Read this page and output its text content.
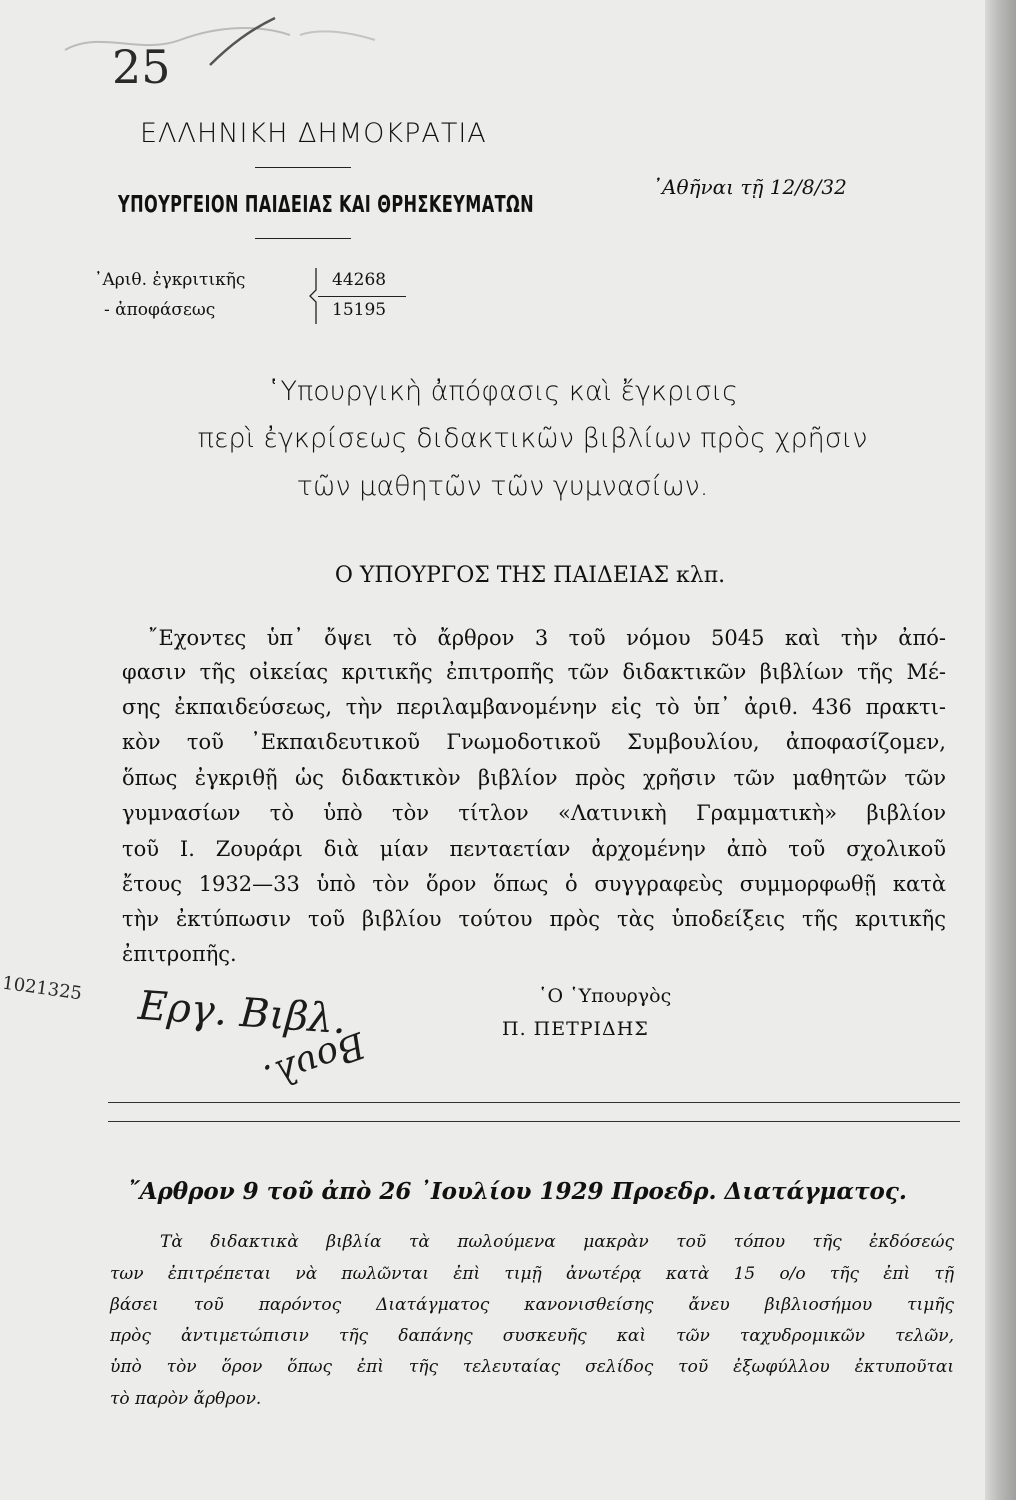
25
ΕΛΛΗΝΙΚΗ ΔΗΜΟΚΡΑΤΙΑ
ΥΠΟΥΡΓΕΙΟΝ ΠΑΙΔΕΙΑΣ ΚΑΙ ΘΡΗΣΚΕΥΜΑΤΩΝ
᾿Αθῆναι τῇ 12/8/32
᾿Αριθ. ἐγκριτικῆς
- ἀποφάσεως
44268
15195
῾Υπουργικὴ ἀπόφασις καὶ ἔγκρισις
περὶ ἐγκρίσεως διδακτικῶν βιβλίων πρὸς χρῆσιν
τῶν μαθητῶν τῶν γυμνασίων.
Ο ΥΠΟΥΡΓΟΣ ΤΗΣ ΠΑΙΔΕΙΑΣ κλπ.
῎Εχοντες ὑπ᾿ ὄψει τὸ ἄρθρον 3 τοῦ νόμου 5045 καὶ τὴν ἀπό-
φασιν τῆς οἰκείας κριτικῆς ἐπιτροπῆς τῶν διδακτικῶν βιβλίων τῆς Μέ-
σης ἐκπαιδεύσεως, τὴν περιλαμβανομένην εἰς τὸ ὑπ᾿ ἀριθ. 436 πρακτι-
κὸν τοῦ ᾿Εκπαιδευτικοῦ Γνωμοδοτικοῦ Συμβουλίου, ἀποφασίζομεν,
ὅπως ἐγκριθῇ ὡς διδακτικὸν βιβλίον πρὸς χρῆσιν τῶν μαθητῶν τῶν
γυμνασίων τὸ ὑπὸ τὸν τίτλον «Λατινικὴ Γραμματικὴ» βιβλίον
τοῦ Ι. Ζουράρι διὰ μίαν πενταετίαν ἀρχομένην ἀπὸ τοῦ σχολικοῦ
ἔτους 1932—33 ὑπὸ τὸν ὅρον ὅπως ὁ συγγραφεὺς συμμορφωθῇ κατὰ
τὴν ἐκτύπωσιν τοῦ βιβλίου τούτου πρὸς τὰς ὑποδείξεις τῆς κριτικῆς
ἐπιτροπῆς.
1021325 Εργ. Βιβλ.
Βουλ.
῾Ο ῾Υπουργὸς
Π. ΠΕΤΡΙΔΗΣ
῎Αρθρον 9 τοῦ ἀπὸ 26 ᾿Ιουλίου 1929 Προεδρ. Διατάγματος.
Τὰ διδακτικὰ βιβλία τὰ πωλούμενα μακρὰν τοῦ τόπου τῆς ἐκδόσεώς
των ἐπιτρέπεται νὰ πωλῶνται ἐπὶ τιμῇ ἀνωτέρᾳ κατὰ 15 ο/ο τῆς ἐπὶ τῇ
βάσει τοῦ παρόντος Διατάγματος κανονισθείσης ἄνευ βιβλιοσήμου τιμῆς
πρὸς ἀντιμετώπισιν τῆς δαπάνης συσκευῆς καὶ τῶν ταχυδρομικῶν τελῶν,
ὑπὸ τὸν ὅρον ὅπως ἐπὶ τῆς τελευταίας σελίδος τοῦ ἐξωφύλλου ἐκτυποῦται
τὸ παρὸν ἄρθρον.
